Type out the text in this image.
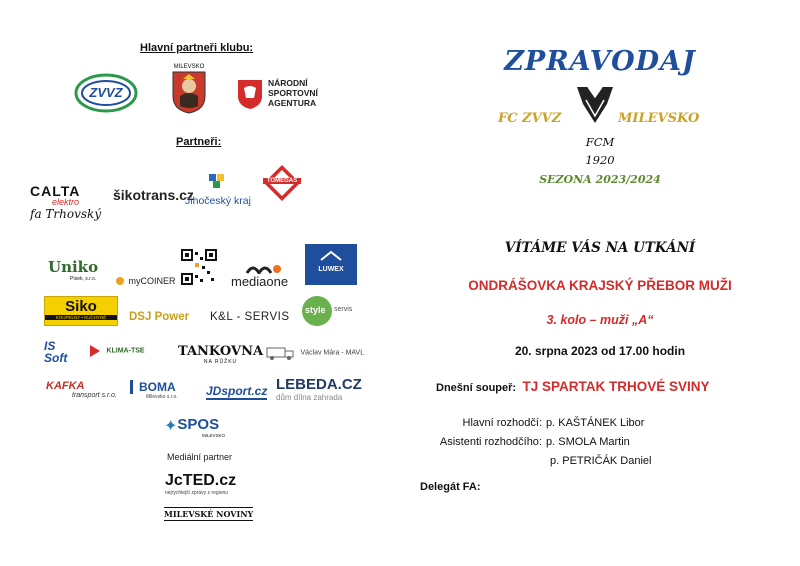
Hlavní partneři klubu:
ZVVZ
MILEVSKO
NÁRODNÍ
SPORTOVNÍ
AGENTURA
Partneři:
CALTA
elektro
fa Trhovský
šikotrans.cz
Jihočeský kraj
TOMEGAS
Uniko
Písek, s.r.o.	myCOINER	mediaone
LUWEX
Siko
KOUPELNY • KUCHYNĚ	DSJ Power K&L - SERVIS
style servis
IS Soft
KLIMA-TSE	TANKOVNA
NA RŮŽKU
Václav Mára - MAVL
KAFKA
transport s.r.o.
BOMA
Milevsko s.r.o. JDsport.cz LEBEDA.CZ
dům dílna zahrada
✦SPOS
MILEVSKO
Mediální partner
JcTED.cz
nejrychlejší zprávy z regionu
MILEVSKÉ NOVINY
ZPRAVODAJ
FC ZVVZ	MILEVSKO
FCM
1920
SEZONA 2023/2024
VÍTÁME VÁS NA UTKÁNÍ
ONDRÁŠOVKA KRAJSKÝ PŘEBOR MUŽI
3. kolo – muži „A“
20. srpna 2023 od 17.00 hodin
Dnešní soupeř: TJ SPARTAK TRHOVÉ SVINY
Hlavní rozhodčí: p. KAŠTÁNEK Libor
Asistenti rozhodčího: p. SMOLA Martin
p. PETRIČÁK Daniel
Delegát FA:
